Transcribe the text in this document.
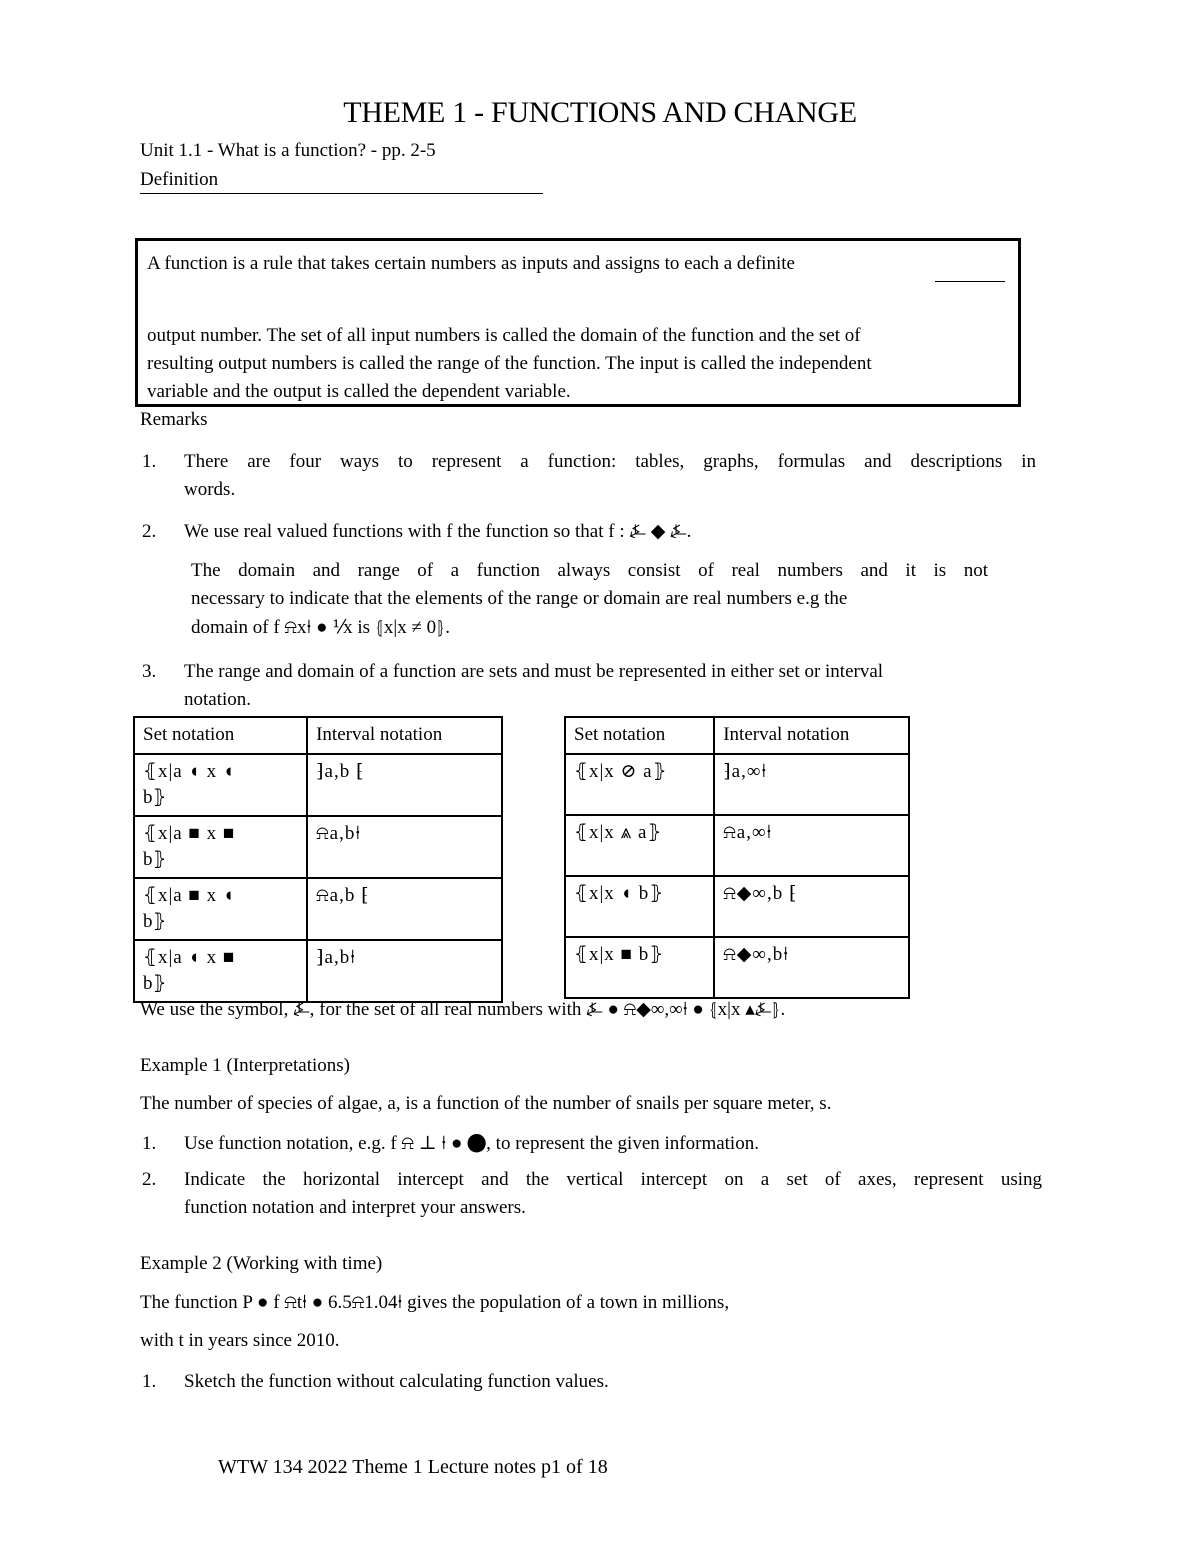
THEME 1 - FUNCTIONS AND CHANGE
Unit 1.1 - What is a function? - pp. 2-5
Definition
A function is a rule that takes certain numbers as inputs and assigns to each a definite
output number. The set of all input numbers is called the domain of the function and the set of
resulting output numbers is called the range of the function. The input is called the independent
variable and the output is called the dependent variable.
Remarks
1. There are four ways to represent a function: tables, graphs, formulas and descriptions in
words.
2. We use real valued functions with f the function so that f : ⍼ ◆ ⍼.
The domain and range of a function always consist of real numbers and it is not
necessary to indicate that the elements of the range or domain are real numbers e.g the
domain of f ⍾x⍿ ● ⅟x is ⦃x|x ≠ 0⦄.
3. The range and domain of a function are sets and must be represented in either set or interval
notation.
Set notation	Interval notation

⦃x|a ◖ x ◖
b⦄	⁆a,b ⁅

⦃x|a ■ x ■
b⦄	⍾a,b⍿

⦃x|a ■ x ◖
b⦄	⍾a,b ⁅

⦃x|a ◖ x ■
b⦄	⁆a,b⍿
Set notation	Interval notation
⦃x|x ⊘ a⦄	⁆a,∞⍿
⦃x|x ⩓ a⦄	⍾a,∞⍿
⦃x|x ◖ b⦄	⍾◆∞,b ⁅
⦃x|x ■ b⦄	⍾◆∞,b⍿
We use the symbol, ⍼, for the set of all real numbers with ⍼ ● ⍾◆∞,∞⍿ ● ⦃x|x ▴⍼⦄.
Example 1 (Interpretations)
The number of species of algae, a, is a function of the number of snails per square meter, s.
1. Use function notation, e.g. f ⍾ ⊥ ⍿ ● ⬤, to represent the given information.
2. Indicate the horizontal intercept and the vertical intercept on a set of axes, represent using
function notation and interpret your answers.
Example 2 (Working with time)
The function P ● f ⍾t⍿ ● 6.5⍾1.04⍿ gives the population of a town in millions,
with t in years since 2010.
1. Sketch the function without calculating function values.
WTW 134 2022 Theme 1 Lecture notes p1 of 18
